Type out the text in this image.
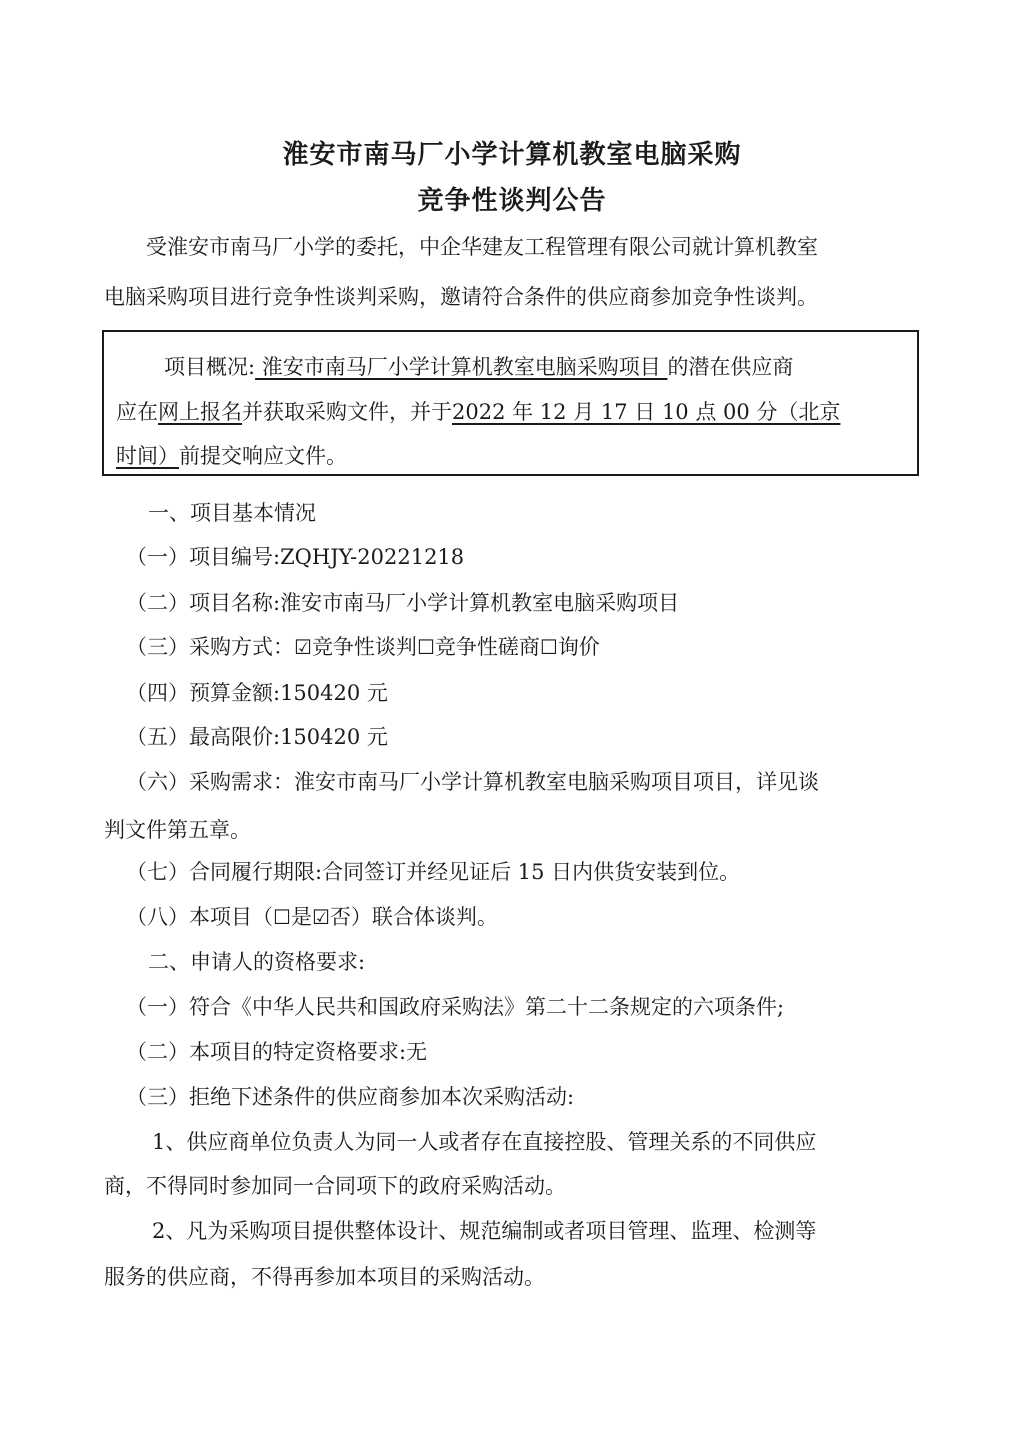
淮安市南马厂小学计算机教室电脑采购
竞争性谈判公告
受淮安市南马厂小学的委托，中企华建友工程管理有限公司就计算机教室
电脑采购项目进行竞争性谈判采购，邀请符合条件的供应商参加竞争性谈判。
项目概况: 淮安市南马厂小学计算机教室电脑采购项目 的潜在供应商
应在网上报名并获取采购文件，并于2022 年 12 月 17 日 10 点 00 分（北京
时间）前提交响应文件。
一、项目基本情况
（一）项目编号:ZQHJY-20221218
（二）项目名称:淮安市南马厂小学计算机教室电脑采购项目
（三）采购方式：☑竞争性谈判☐竞争性磋商☐询价
（四）预算金额:150420 元
（五）最高限价:150420 元
（六）采购需求：淮安市南马厂小学计算机教室电脑采购项目项目，详见谈
判文件第五章。
（七）合同履行期限:合同签订并经见证后 15 日内供货安装到位。
（八）本项目（☐是☑否）联合体谈判。
二、申请人的资格要求:
（一）符合《中华人民共和国政府采购法》第二十二条规定的六项条件;
（二）本项目的特定资格要求:无
（三）拒绝下述条件的供应商参加本次采购活动:
1、供应商单位负责人为同一人或者存在直接控股、管理关系的不同供应
商，不得同时参加同一合同项下的政府采购活动。
2、凡为采购项目提供整体设计、规范编制或者项目管理、监理、检测等
服务的供应商，不得再参加本项目的采购活动。
